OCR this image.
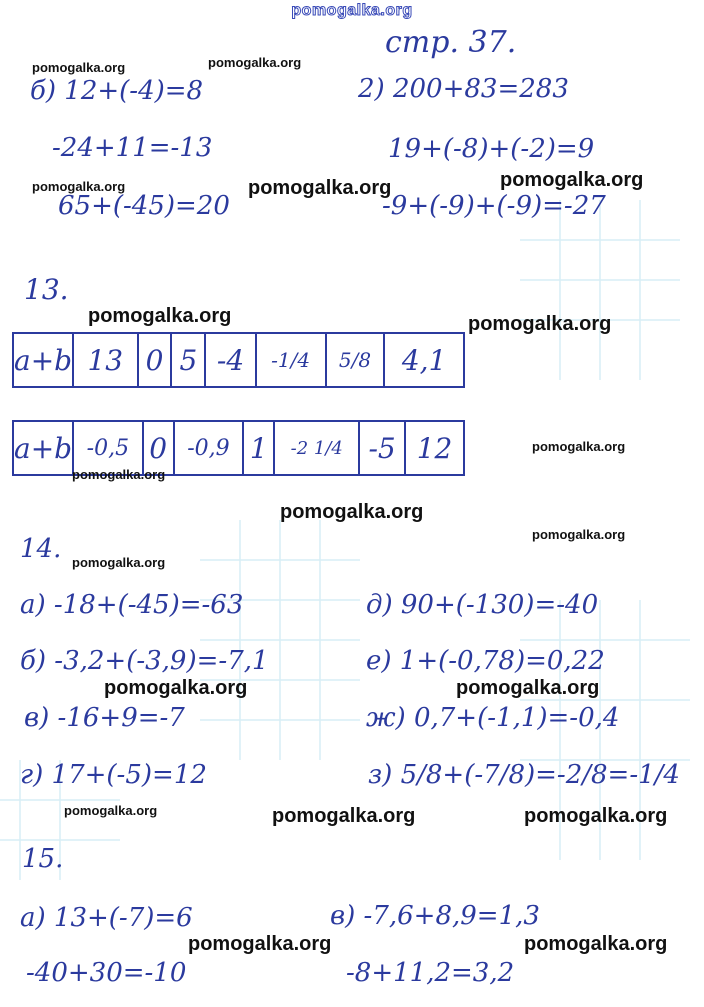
pomogalka.org
стр. 37.
б) 12+(-4)=8
-24+11=-13
65+(-45)=20
2) 200+83=283
19+(-8)+(-2)=9
-9+(-9)+(-9)=-27
13.
a+b	13	0	5	-4	-1/4	5/8	4,1
a+b	-0,5	0	-0,9	1	-2 1/4	-5	12
14.
а) -18+(-45)=-63
б) -3,2+(-3,9)=-7,1
в) -16+9=-7
г) 17+(-5)=12
д) 90+(-130)=-40
е) 1+(-0,78)=0,22
ж) 0,7+(-1,1)=-0,4
з) 5/8+(-7/8)=-2/8=-1/4
15.
а) 13+(-7)=6
-40+30=-10
в) -7,6+8,9=1,3
-8+11,2=3,2
pomogalka.org	pomogalka.org
pomogalka.org	pomogalka.org	pomogalka.org
pomogalka.org	pomogalka.org
pomogalka.org
pomogalka.org
pomogalka.org
pomogalka.org
pomogalka.org
pomogalka.org	pomogalka.org
pomogalka.org	pomogalka.org	pomogalka.org
pomogalka.org	pomogalka.org
